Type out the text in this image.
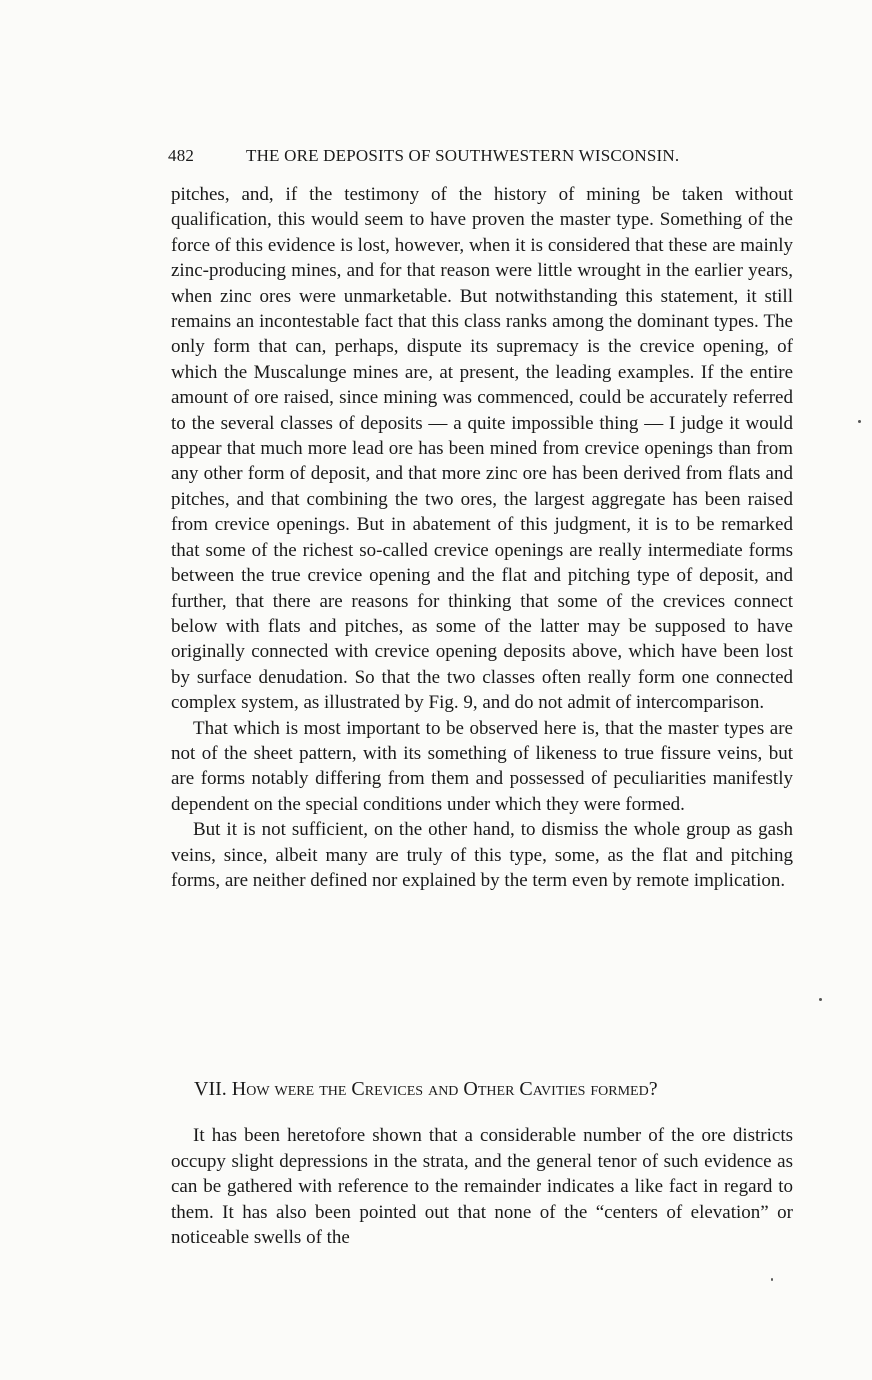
482	THE ORE DEPOSITS OF SOUTHWESTERN WISCONSIN.

pitches, and, if the testimony of the history of mining be taken without qualification, this would seem to have proven the master type. Something of the force of this evidence is lost, however, when it is considered that these are mainly zinc-producing mines, and for that reason were little wrought in the earlier years, when zinc ores were unmarketable. But notwithstanding this statement, it still remains an incontestable fact that this class ranks among the dominant types. The only form that can, perhaps, dispute its supremacy is the crevice opening, of which the Muscalunge mines are, at present, the leading examples. If the entire amount of ore raised, since mining was commenced, could be accurately referred to the several classes of deposits — a quite impossible thing — I judge it would appear that much more lead ore has been mined from crevice openings than from any other form of deposit, and that more zinc ore has been derived from flats and pitches, and that combining the two ores, the largest aggregate has been raised from crevice openings. But in abatement of this judgment, it is to be remarked that some of the richest so-called crevice openings are really intermediate forms between the true crevice opening and the flat and pitching type of deposit, and further, that there are reasons for thinking that some of the crevices connect below with flats and pitches, as some of the latter may be supposed to have originally connected with crevice opening deposits above, which have been lost by surface denudation. So that the two classes often really form one connected complex system, as illustrated by Fig. 9, and do not admit of intercomparison.

That which is most important to be observed here is, that the master types are not of the sheet pattern, with its something of likeness to true fissure veins, but are forms notably differing from them and possessed of peculiarities manifestly dependent on the special conditions under which they were formed.

But it is not sufficient, on the other hand, to dismiss the whole group as gash veins, since, albeit many are truly of this type, some, as the flat and pitching forms, are neither defined nor explained by the term even by remote implication.

VII. How were the Crevices and Other Cavities formed?

It has been heretofore shown that a considerable number of the ore districts occupy slight depressions in the strata, and the general tenor of such evidence as can be gathered with reference to the remainder indicates a like fact in regard to them. It has also been pointed out that none of the “centers of elevation” or noticeable swells of the
